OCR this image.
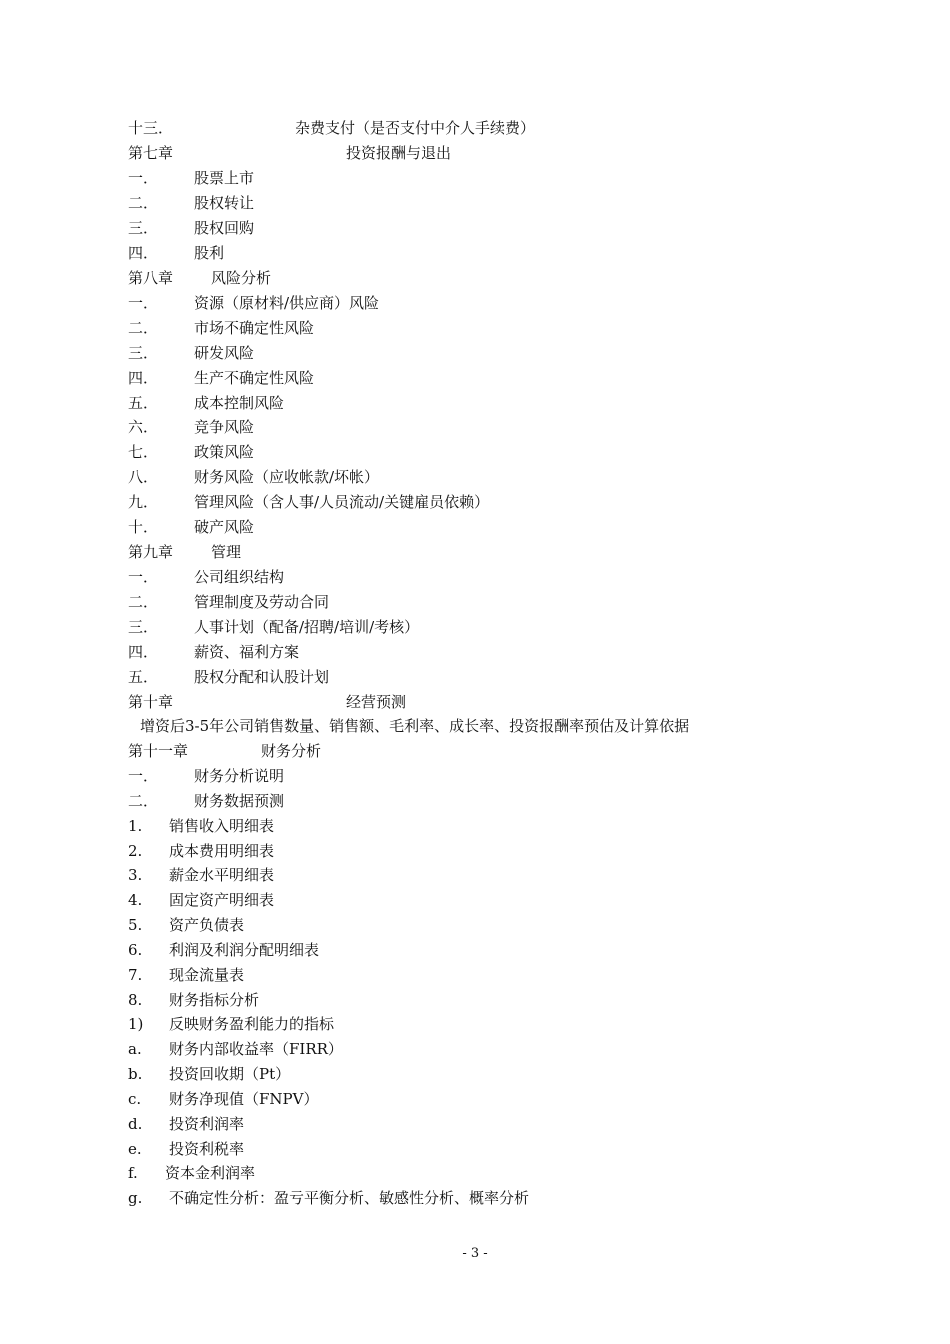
十三．	杂费支付（是否支付中介人手续费）
第七章	投资报酬与退出
一． 股票上市
二． 股权转让
三． 股权回购
四． 股利
第八章	风险分析
一． 资源（原材料/供应商）风险
二． 市场不确定性风险
三． 研发风险
四． 生产不确定性风险
五． 成本控制风险
六． 竞争风险
七． 政策风险
八． 财务风险（应收帐款/坏帐）
九． 管理风险（含人事/人员流动/关键雇员依赖）
十． 破产风险
第九章	管理
一． 公司组织结构
二． 管理制度及劳动合同
三． 人事计划（配备/招聘/培训/考核）
四． 薪资、福利方案
五． 股权分配和认股计划
第十章	经营预测
增资后3-5年公司销售数量、销售额、毛利率、成长率、投资报酬率预估及计算依据
第十一章	财务分析
一． 财务分析说明
二． 财务数据预测
1. 销售收入明细表
2. 成本费用明细表
3. 薪金水平明细表
4. 固定资产明细表
5. 资产负债表
6. 利润及利润分配明细表
7. 现金流量表
8. 财务指标分析
1) 反映财务盈利能力的指标
a. 财务内部收益率（FIRR）
b. 投资回收期（Pt）
c. 财务净现值（FNPV）
d. 投资利润率
e. 投资利税率
f. 资本金利润率
g. 不确定性分析：盈亏平衡分析、敏感性分析、概率分析
- 3 -
